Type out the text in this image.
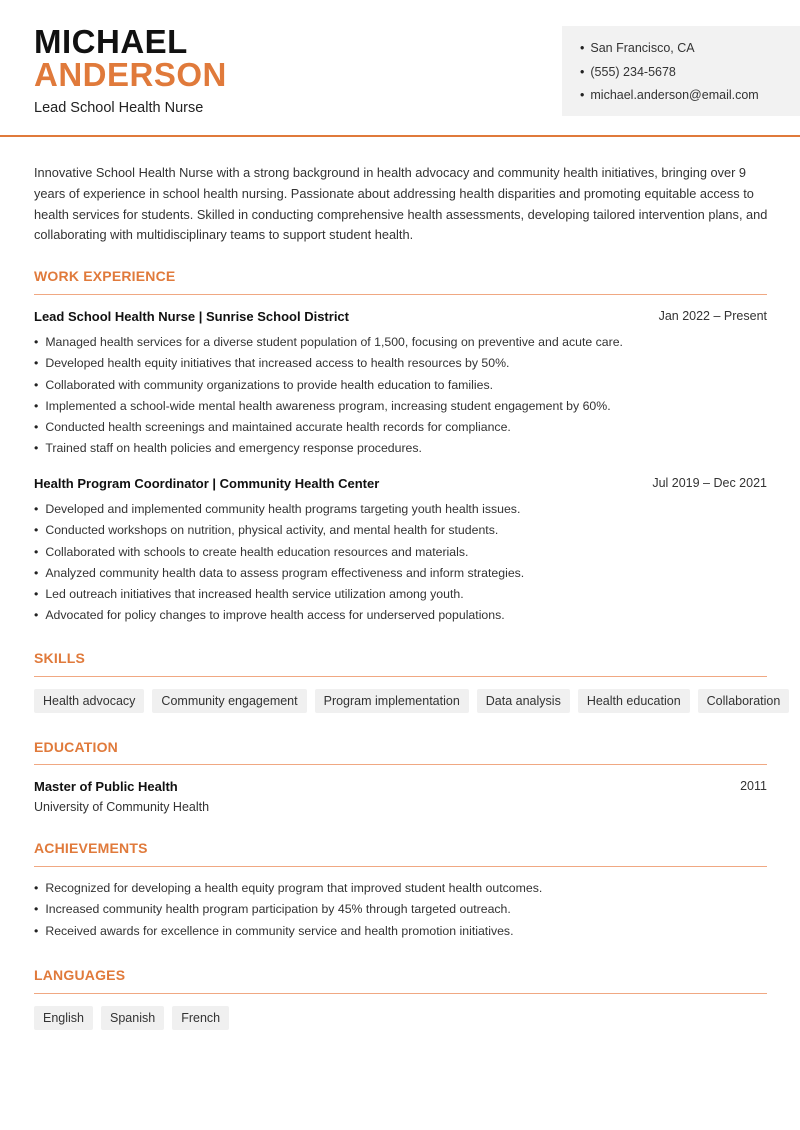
MICHAEL
ANDERSON
Lead School Health Nurse
• San Francisco, CA
• (555) 234-5678
• michael.anderson@email.com

Innovative School Health Nurse with a strong background in health advocacy and community health initiatives, bringing over 9 years of experience in school health nursing. Passionate about addressing health disparities and promoting equitable access to health services for students. Skilled in conducting comprehensive health assessments, developing tailored intervention plans, and collaborating with multidisciplinary teams to support student health.

WORK EXPERIENCE
Lead School Health Nurse | Sunrise School District	Jan 2022 – Present
• Managed health services for a diverse student population of 1,500, focusing on preventive and acute care.
• Developed health equity initiatives that increased access to health resources by 50%.
• Collaborated with community organizations to provide health education to families.
• Implemented a school-wide mental health awareness program, increasing student engagement by 60%.
• Conducted health screenings and maintained accurate health records for compliance.
• Trained staff on health policies and emergency response procedures.
Health Program Coordinator | Community Health Center	Jul 2019 – Dec 2021
• Developed and implemented community health programs targeting youth health issues.
• Conducted workshops on nutrition, physical activity, and mental health for students.
• Collaborated with schools to create health education resources and materials.
• Analyzed community health data to assess program effectiveness and inform strategies.
• Led outreach initiatives that increased health service utilization among youth.
• Advocated for policy changes to improve health access for underserved populations.
SKILLS
Health advocacy	Community engagement	Program implementation	Data analysis	Health education	Collaboration
EDUCATION
Master of Public Health	2011
University of Community Health
ACHIEVEMENTS
• Recognized for developing a health equity program that improved student health outcomes.
• Increased community health program participation by 45% through targeted outreach.
• Received awards for excellence in community service and health promotion initiatives.
LANGUAGES
English	Spanish	French
